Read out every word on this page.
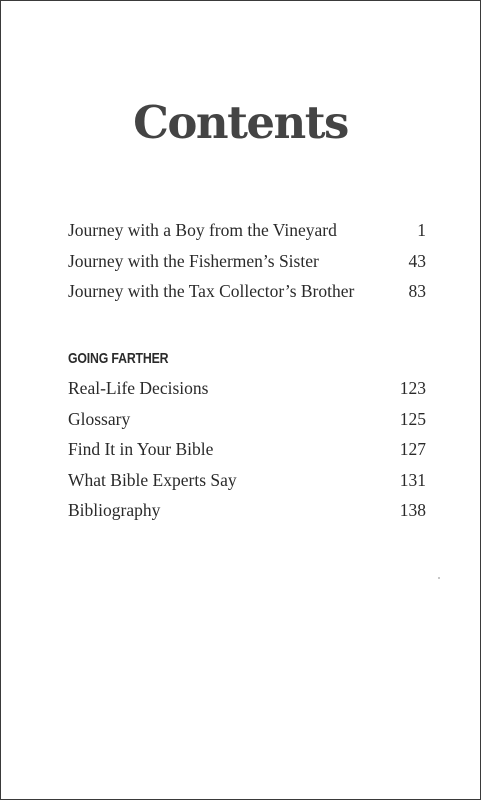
Contents
Journey with a Boy from the Vineyard	1
Journey with the Fishermen’s Sister	43
Journey with the Tax Collector’s Brother	83
GOING FARTHER
Real-Life Decisions	123
Glossary	125
Find It in Your Bible	127
What Bible Experts Say	131
Bibliography	138
